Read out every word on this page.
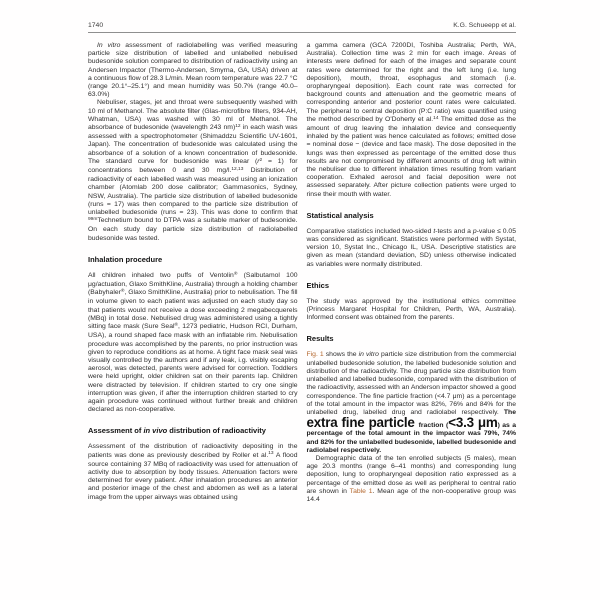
1740	K.G. Schueepp et al.

In vitro assessment of radiolabelling was verified measuring particle size distribution of labelled and unlabelled nebulised budesonide solution compared to distribution of radioactivity using an Andersen Impactor (Thermo-Andersen, Smyrna, GA, USA) driven at a continuous flow of 28.3 L/min. Mean room temperature was 22.7 °C (range 20.1°–25.1°) and mean humidity was 50.7% (range 40.0–63.0%)

Nebuliser, stages, jet and throat were subsequently washed with 10 ml of Methanol. The absolute filter (Glas-microfibre filters, 934-AH, Whatman, USA) was washed with 30 ml of Methanol. The absorbance of budesonide (wavelength 243 nm)$^{12}$ in each wash was assessed with a spectrophotometer (Shimaddzu Scientific UV-1601, Japan). The concentration of budesonide was calculated using the absorbance of a solution of a known concentration of budesonide. The standard curve for budesonide was linear $(r^2 = 1)$ for concentrations between 0 and 30 mg/l.$^{12,13}$ Distribution of radioactivity of each labelled wash was measured using an ionization chamber (Atomlab 200 dose calibrator; Gammasonics, Sydney, NSW, Australia). The particle size distribution of labelled budesonide (runs = 17) was then compared to the particle size distribution of unlabelled budesonide (runs = 23). This was done to confirm that $^{99m}$Technetium bound to DTPA was a suitable marker of budesonide. On each study day particle size distribution of radiolabelled budesonide was tested.

Inhalation procedure

All children inhaled two puffs of Ventolin® (Salbutamol 100 μg/actuation, Glaxo SmithKline, Australia) through a holding chamber (Babyhaler®, Glaxo SmithKline, Australia) prior to nebulisation. The fill in volume given to each patient was adjusted on each study day so that patients would not receive a dose exceeding 2 megabecquerels (MBq) in total dose. Nebulised drug was administered using a tightly sitting face mask (Sure Seal®, 1273 pediatric, Hudson RCI, Durham, USA), a round shaped face mask with an inflatable rim. Nebulisation procedure was accomplished by the parents, no prior instruction was given to reproduce conditions as at home. A tight face mask seal was visually controlled by the authors and if any leak, i.g. visibly escaping aerosol, was detected, parents were advised for correction. Toddlers were held upright, older children sat on their parents lap. Children were distracted by television. If children started to cry one single interruption was given, if after the interruption children started to cry again procedure was continued without further break and children declared as non-cooperative.

Assessment of in vivo distribution of radioactivity

Assessment of the distribution of radioactivity depositing in the patients was done as previously described by Roller et al.$^{13}$ A flood source containing 37 MBq of radioactivity was used for attenuation of activity due to absorption by body tissues. Attenuation factors were determined for every patient. After inhalation procedures an anterior and posterior image of the chest and abdomen as well as a lateral image from the upper airways was obtained using

a gamma camera (GCA 7200DI, Toshiba Australia; Perth, WA, Australia). Collection time was 2 min for each image. Areas of interests were defined for each of the images and separate count rates were determined for the right and the left lung (i.e. lung deposition), mouth, throat, esophagus and stomach (i.e. oropharyngeal deposition). Each count rate was corrected for background counts and attenuation and the geometric means of corresponding anterior and posterior count rates were calculated. The peripheral to central deposition (P:C ratio) was quantified using the method described by O'Doherty et al.$^{14}$ The emitted dose as the amount of drug leaving the inhalation device and consequently inhaled by the patient was hence calculated as follows; emitted dose = nominal dose − (device and face mask). The dose deposited in the lungs was then expressed as percentage of the emitted dose thus results are not compromised by different amounts of drug left within the nebuliser due to different inhalation times resulting from variant cooperation. Exhaled aerosol and facial deposition were not assessed separately. After picture collection patients were urged to rinse their mouth with water.

Statistical analysis

Comparative statistics included two-sided t-tests and a p-value ≤ 0.05 was considered as significant. Statistics were performed with Systat, version 10, Systat Inc., Chicago IL, USA. Descriptive statistics are given as mean (standard deviation, SD) unless otherwise indicated as variables were normally distributed.

Ethics

The study was approved by the institutional ethics committee (Princess Margaret Hospital for Children, Perth, WA, Australia). Informed consent was obtained from the parents.

Results

Fig. 1 shows the in vitro particle size distribution from the commercial unlabelled budesonide solution, the labelled budesonide solution and distribution of the radioactivity. The drug particle size distribution from unlabelled and labelled budesonide, compared with the distribution of the radioactivity, assessed with an Anderson impactor showed a good correspondence. The fine particle fraction (<4.7 μm) as a percentage of the total amount in the impactor was 82%, 76% and 84% for the unlabelled drug, labelled drug and radiolabel respectively. The extra fine particle fraction (<3.3 μm) as a percentage of the total amount in the impactor was 79%, 74% and 82% for the unlabelled budesonide, labelled budesonide and radiolabel respectively.

Demographic data of the ten enrolled subjects (5 males), mean age 20.3 months (range 6–41 months) and corresponding lung deposition, lung to oropharyngeal deposition ratio expressed as a percentage of the emitted dose as well as peripheral to central ratio are shown in Table 1. Mean age of the non-cooperative group was 14.4
